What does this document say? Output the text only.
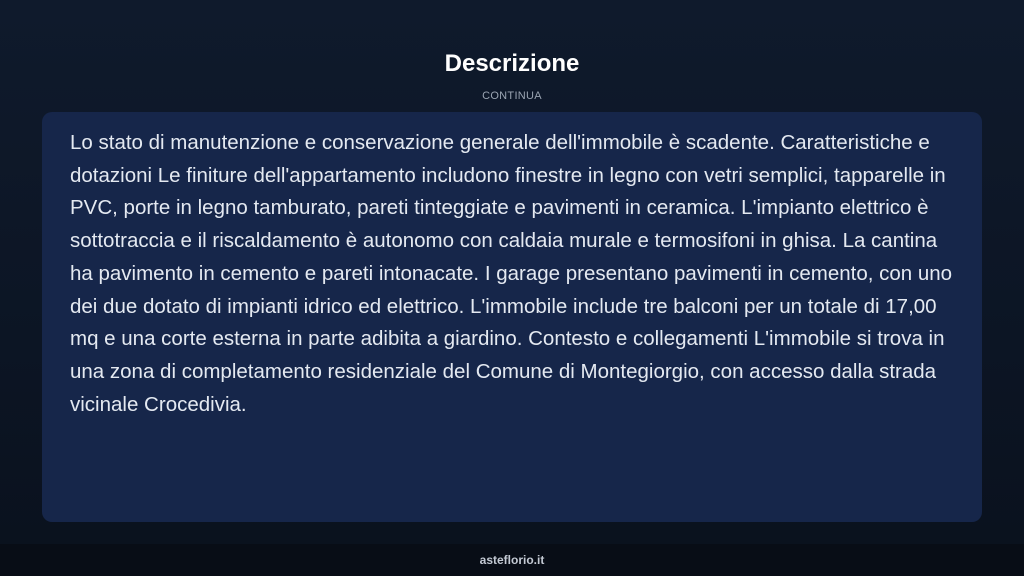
Descrizione
CONTINUA

Lo stato di manutenzione e conservazione generale dell'immobile è scadente. Caratteristiche e dotazioni Le finiture dell'appartamento includono finestre in legno con vetri semplici, tapparelle in PVC, porte in legno tamburato, pareti tinteggiate e pavimenti in ceramica. L'impianto elettrico è sottotraccia e il riscaldamento è autonomo con caldaia murale e termosifoni in ghisa. La cantina ha pavimento in cemento e pareti intonacate. I garage presentano pavimenti in cemento, con uno dei due dotato di impianti idrico ed elettrico. L'immobile include tre balconi per un totale di 17,00 mq e una corte esterna in parte adibita a giardino. Contesto e collegamenti L'immobile si trova in una zona di completamento residenziale del Comune di Montegiorgio, con accesso dalla strada vicinale Crocedivia.

asteflorio.it
